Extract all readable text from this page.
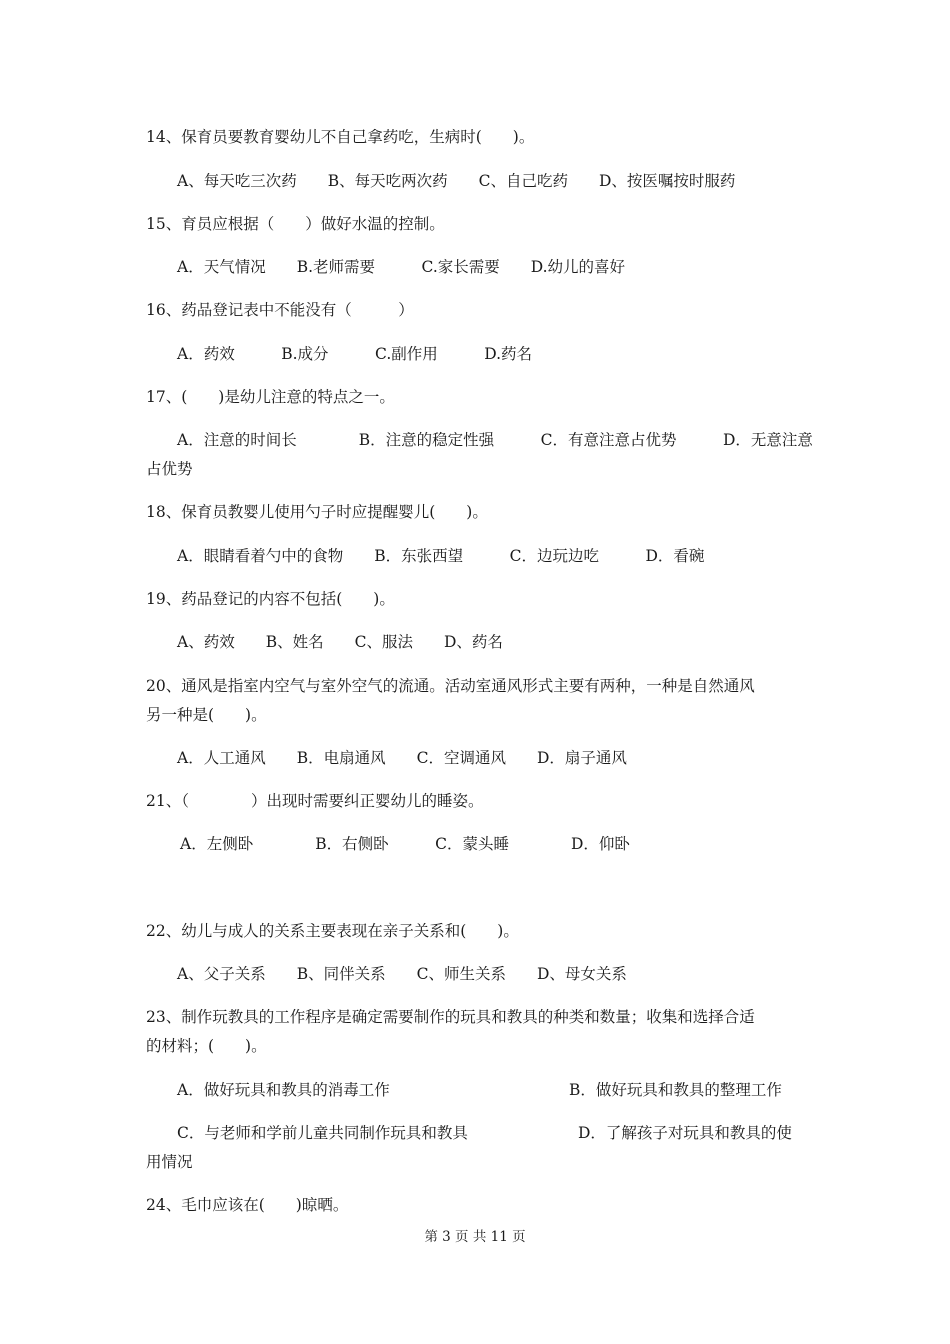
14、保育员要教育婴幼儿不自己拿药吃，生病时(　　)。
A、每天吃三次药　　B、每天吃两次药　　C、自己吃药　　D、按医嘱按时服药
15、育员应根据（　　）做好水温的控制。
A．天气情况　　B.老师需要　　　C.家长需要　　D.幼儿的喜好
16、药品登记表中不能没有（　　　）
A．药效　　　B.成分　　　C.副作用　　　D.药名
17、(　　)是幼儿注意的特点之一。
A．注意的时间长　　　　B．注意的稳定性强　　　C．有意注意占优势　　　D．无意注意
占优势
18、保育员教婴儿使用勺子时应提醒婴儿(　　)。
A．眼睛看着勺中的食物　　B．东张西望　　　C．边玩边吃　　　D．看碗
19、药品登记的内容不包括(　　)。
A、药效　　B、姓名　　C、服法　　D、药名
20、通风是指室内空气与室外空气的流通。活动室通风形式主要有两种，一种是自然通风
另一种是(　　)。
A．人工通风　　B．电扇通风　　C．空调通风　　D．扇子通风
21、（　　　　）出现时需要纠正婴幼儿的睡姿。
A．左侧卧　　　　B．右侧卧　　　C．蒙头睡　　　　D．仰卧
22、幼儿与成人的关系主要表现在亲子关系和(　　)。
A、父子关系　　B、同伴关系　　C、师生关系　　D、母女关系
23、制作玩教具的工作程序是确定需要制作的玩具和教具的种类和数量；收集和选择合适
的材料；(　　)。
A．做好玩具和教具的消毒工作	B．做好玩具和教具的整理工作
C．与老师和学前儿童共同制作玩具和教具	D．了解孩子对玩具和教具的使
用情况
24、毛巾应该在(　　)晾晒。
第 3 页 共 11 页
